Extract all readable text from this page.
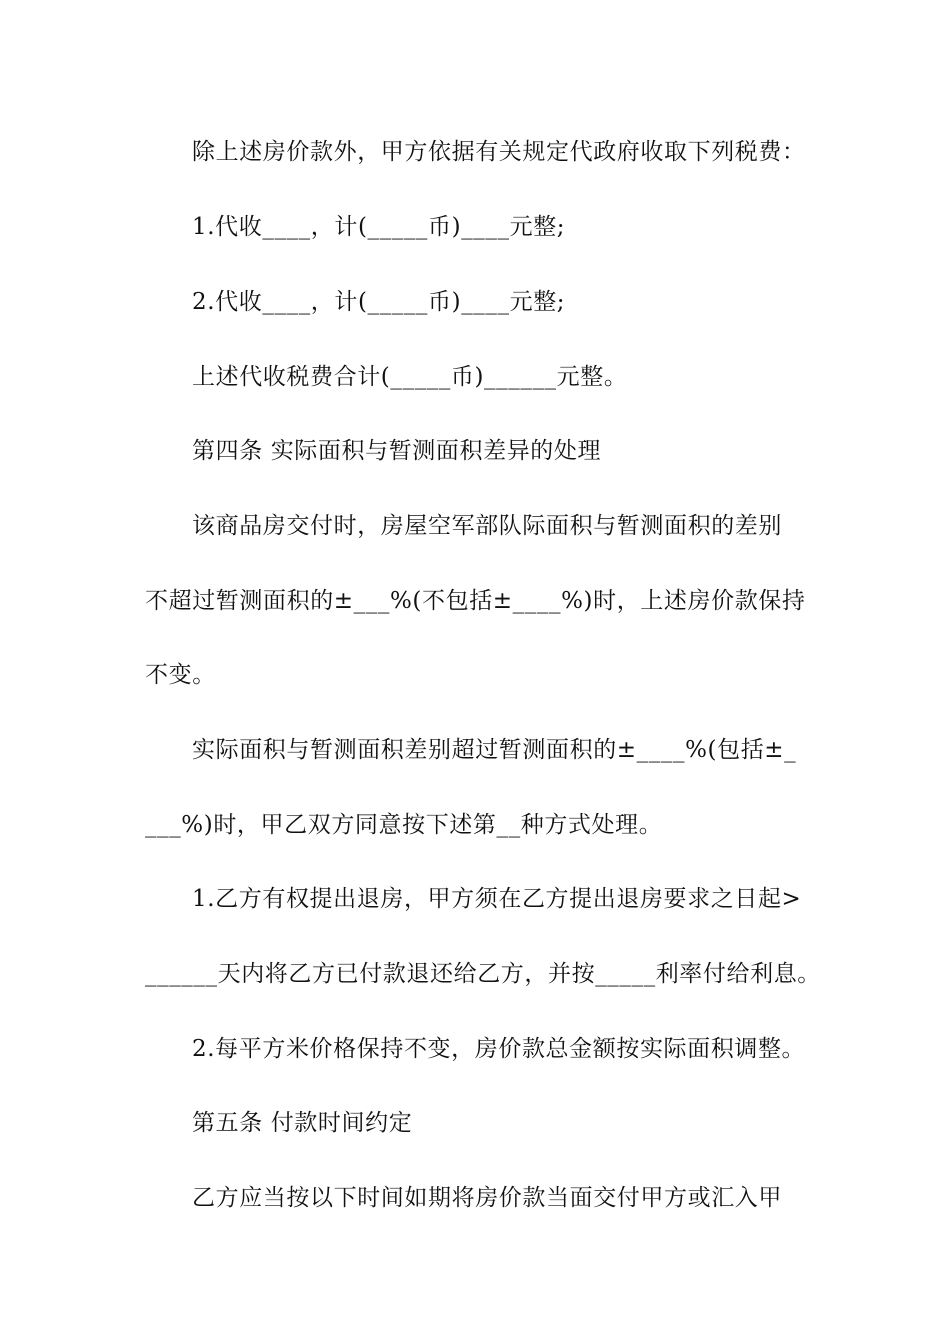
除上述房价款外，甲方依据有关规定代政府收取下列税费：
1.代收____，计(_____币)____元整;
2.代收____，计(_____币)____元整;
上述代收税费合计(_____币)______元整。
第四条 实际面积与暂测面积差异的处理
该商品房交付时，房屋空军部队际面积与暂测面积的差别
不超过暂测面积的±___%(不包括±____%)时，上述房价款保持
不变。
实际面积与暂测面积差别超过暂测面积的±____%(包括±_
___%)时，甲乙双方同意按下述第__种方式处理。
1.乙方有权提出退房，甲方须在乙方提出退房要求之日起>
______天内将乙方已付款退还给乙方，并按_____利率付给利息。
2.每平方米价格保持不变，房价款总金额按实际面积调整。
第五条 付款时间约定
乙方应当按以下时间如期将房价款当面交付甲方或汇入甲
